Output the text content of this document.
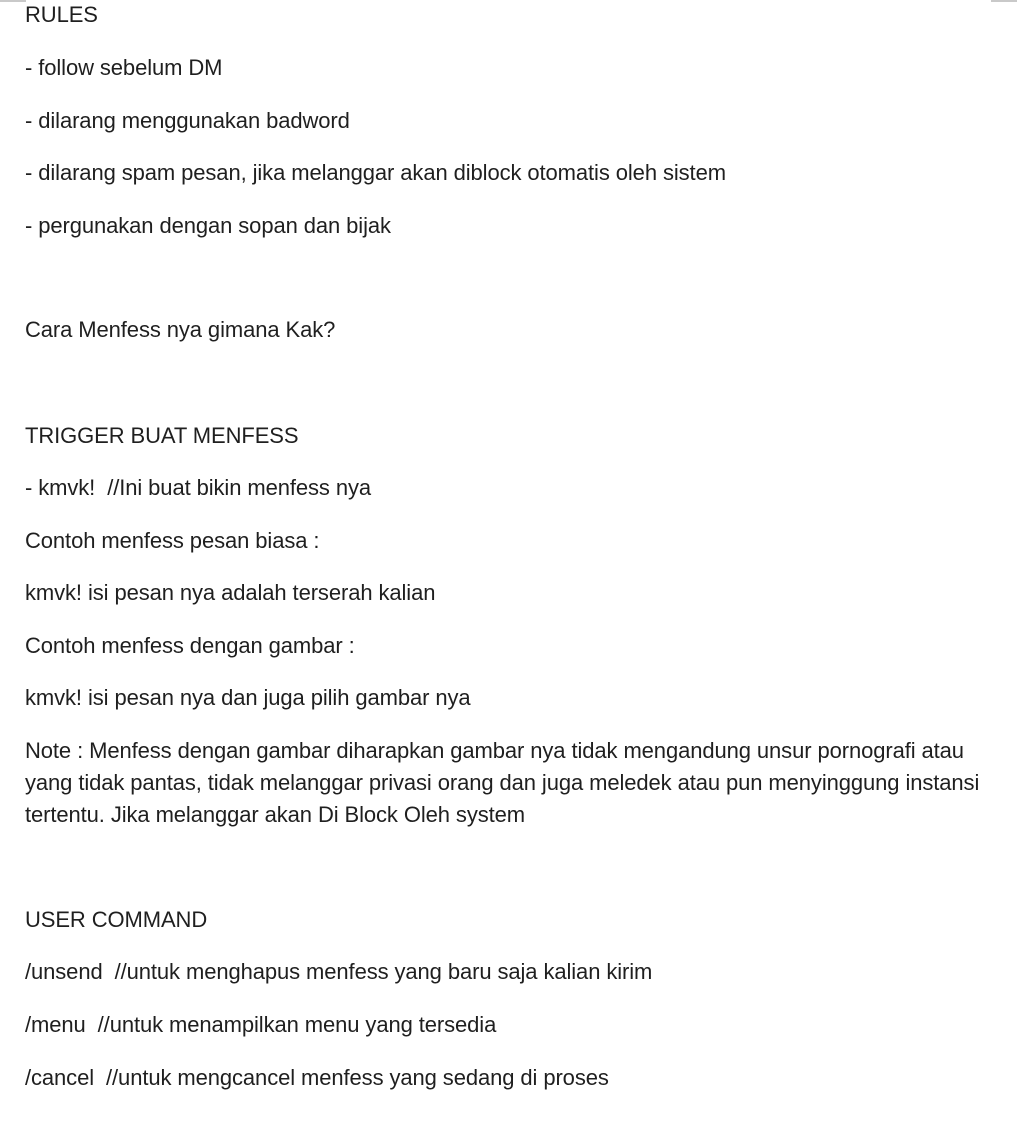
RULES
- follow sebelum DM
- dilarang menggunakan badword
- dilarang spam pesan, jika melanggar akan diblock otomatis oleh sistem
- pergunakan dengan sopan dan bijak
Cara Menfess nya gimana Kak?
TRIGGER BUAT MENFESS
- kmvk!  //Ini buat bikin menfess nya
Contoh menfess pesan biasa :
kmvk! isi pesan nya adalah terserah kalian
Contoh menfess dengan gambar :
kmvk! isi pesan nya dan juga pilih gambar nya
Note : Menfess dengan gambar diharapkan gambar nya tidak mengandung unsur pornografi atau yang tidak pantas, tidak melanggar privasi orang dan juga meledek atau pun menyinggung instansi tertentu. Jika melanggar akan Di Block Oleh system
USER COMMAND
/unsend  //untuk menghapus menfess yang baru saja kalian kirim
/menu  //untuk menampilkan menu yang tersedia
/cancel  //untuk mengcancel menfess yang sedang di proses
